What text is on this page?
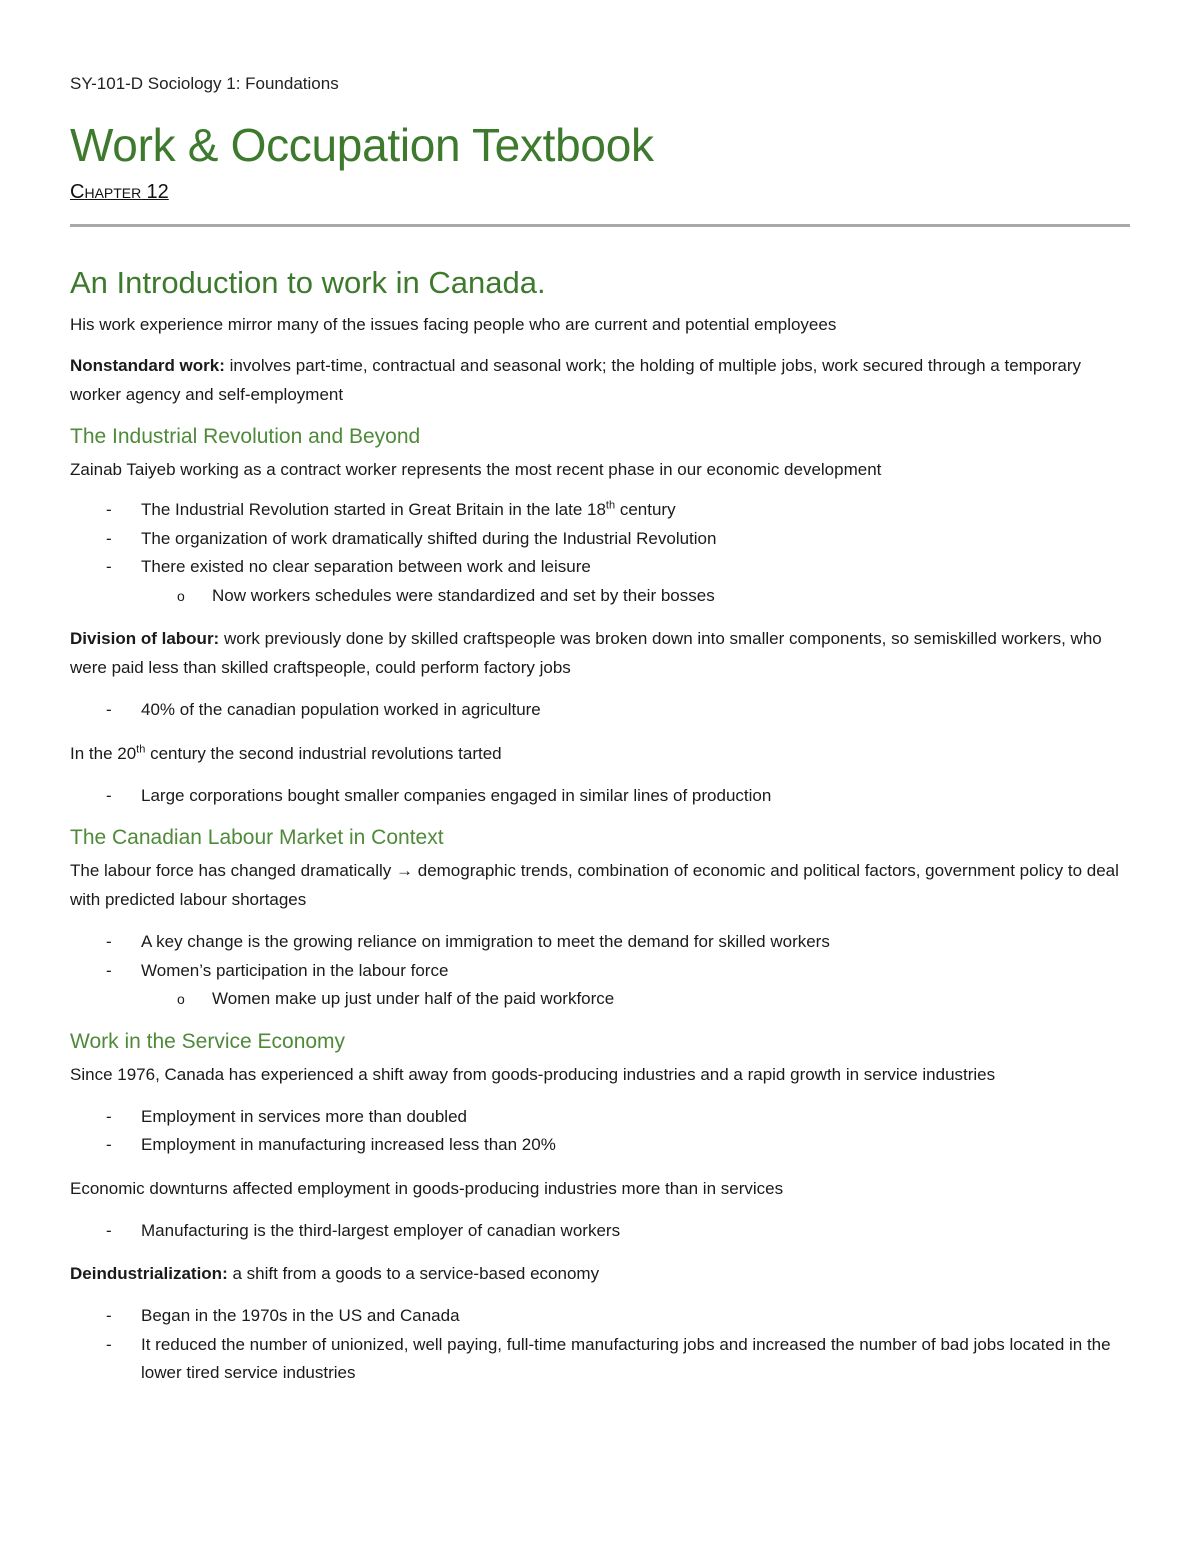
SY-101-D Sociology 1: Foundations
Work & Occupation Textbook
CHAPTER 12
An Introduction to work in Canada.

His work experience mirror many of the issues facing people who are current and potential employees

Nonstandard work: involves part-time, contractual and seasonal work; the holding of multiple jobs, work secured through a temporary worker agency and self-employment

The Industrial Revolution and Beyond

Zainab Taiyeb working as a contract worker represents the most recent phase in our economic development

- The Industrial Revolution started in Great Britain in the late 18th century
- The organization of work dramatically shifted during the Industrial Revolution
- There existed no clear separation between work and leisure
o Now workers schedules were standardized and set by their bosses

Division of labour: work previously done by skilled craftspeople was broken down into smaller components, so semiskilled workers, who were paid less than skilled craftspeople, could perform factory jobs

- 40% of the canadian population worked in agriculture

In the 20th century the second industrial revolutions tarted

- Large corporations bought smaller companies engaged in similar lines of production
The Canadian Labour Market in Context

The labour force has changed dramatically → demographic trends, combination of economic and political factors, government policy to deal with predicted labour shortages

- A key change is the growing reliance on immigration to meet the demand for skilled workers
- Women’s participation in the labour force
o Women make up just under half of the paid workforce
Work in the Service Economy

Since 1976, Canada has experienced a shift away from goods-producing industries and a rapid growth in service industries

- Employment in services more than doubled
- Employment in manufacturing increased less than 20%

Economic downturns affected employment in goods-producing industries more than in services

- Manufacturing is the third-largest employer of canadian workers

Deindustrialization: a shift from a goods to a service-based economy

- Began in the 1970s in the US and Canada
- It reduced the number of unionized, well paying, full-time manufacturing jobs and increased the number of bad jobs located in the lower tired service industries
